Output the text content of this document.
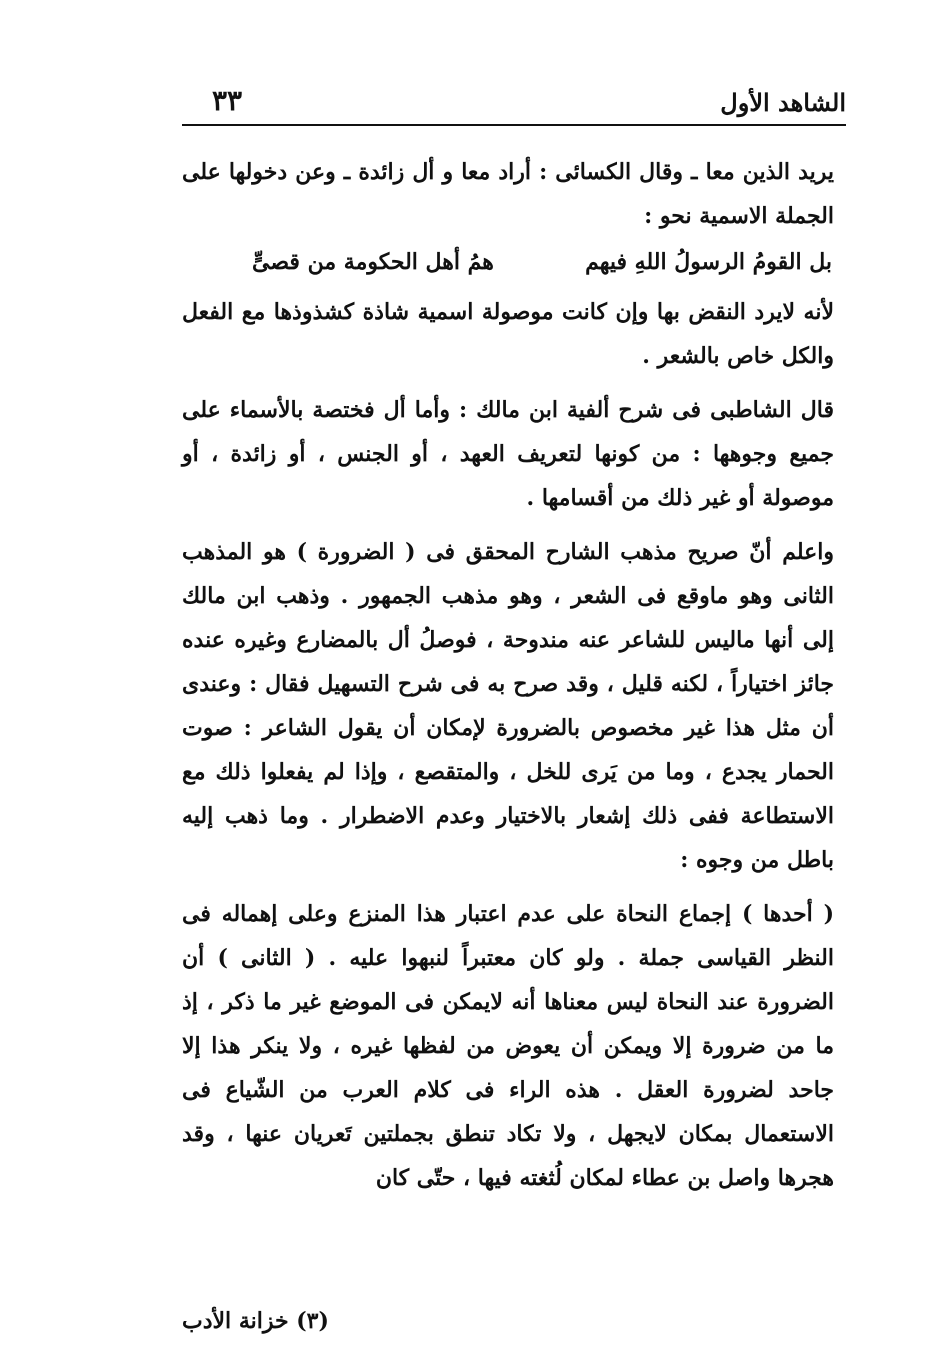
الشاهد الأول
٣٣

يريد الذين معا ـ وقال الكسائى : أراد معا و أل زائدة ـ وعن دخولها على الجملة الاسمية نحو :

بل القومُ الرسولُ اللهِ فيهم
همُ أهل الحكومة من قصىٍّ

لأنه لايرد النقض بها وإن كانت موصولة اسمية شاذة كشذوذها مع الفعل والكل خاص بالشعر .

قال الشاطبى فى شرح ألفية ابن مالك : وأما أل فختصة بالأسماء على جميع وجوهها : من كونها لتعريف العهد ، أو الجنس ، أو زائدة ، أو موصولة أو غير ذلك من أقسامها .

واعلم أنّ صريح مذهب الشارح المحقق فى ( الضرورة ) هو المذهب الثانى وهو ماوقع فى الشعر ، وهو مذهب الجمهور . وذهب ابن مالك إلى أنها ماليس للشاعر عنه مندوحة ، فوصلُ أل بالمضارع وغيره عنده جائز اختياراً ، لكنه قليل ، وقد صرح به فى شرح التسهيل فقال : وعندى أن مثل هذا غير مخصوص بالضرورة لإمكان أن يقول الشاعر : صوت الحمار يجدع ، وما من يَرى للخل ، والمتقصع ، وإذا لم يفعلوا ذلك مع الاستطاعة ففى ذلك إشعار بالاختيار وعدم الاضطرار . وما ذهب إليه باطل من وجوه :

( أحدها ) إجماع النحاة على عدم اعتبار هذا المنزع وعلى إهماله فى النظر القياسى جملة . ولو كان معتبراً لنبهوا عليه . ( الثانى ) أن الضرورة عند النحاة ليس معناها أنه لايمكن فى الموضع غير ما ذكر ، إذ ما من ضرورة إلا ويمكن أن يعوض من لفظها غيره ، ولا ينكر هذا إلا جاحد لضرورة العقل . هذه الراء فى كلام العرب من الشّياع فى الاستعمال بمكان لايجهل ، ولا تكاد تنطق بجملتين تَعريان عنها ، وقد هجرها واصل بن عطاء لمكان لُثغته فيها ، حتّى كان

(٣) خزانة الأدب
